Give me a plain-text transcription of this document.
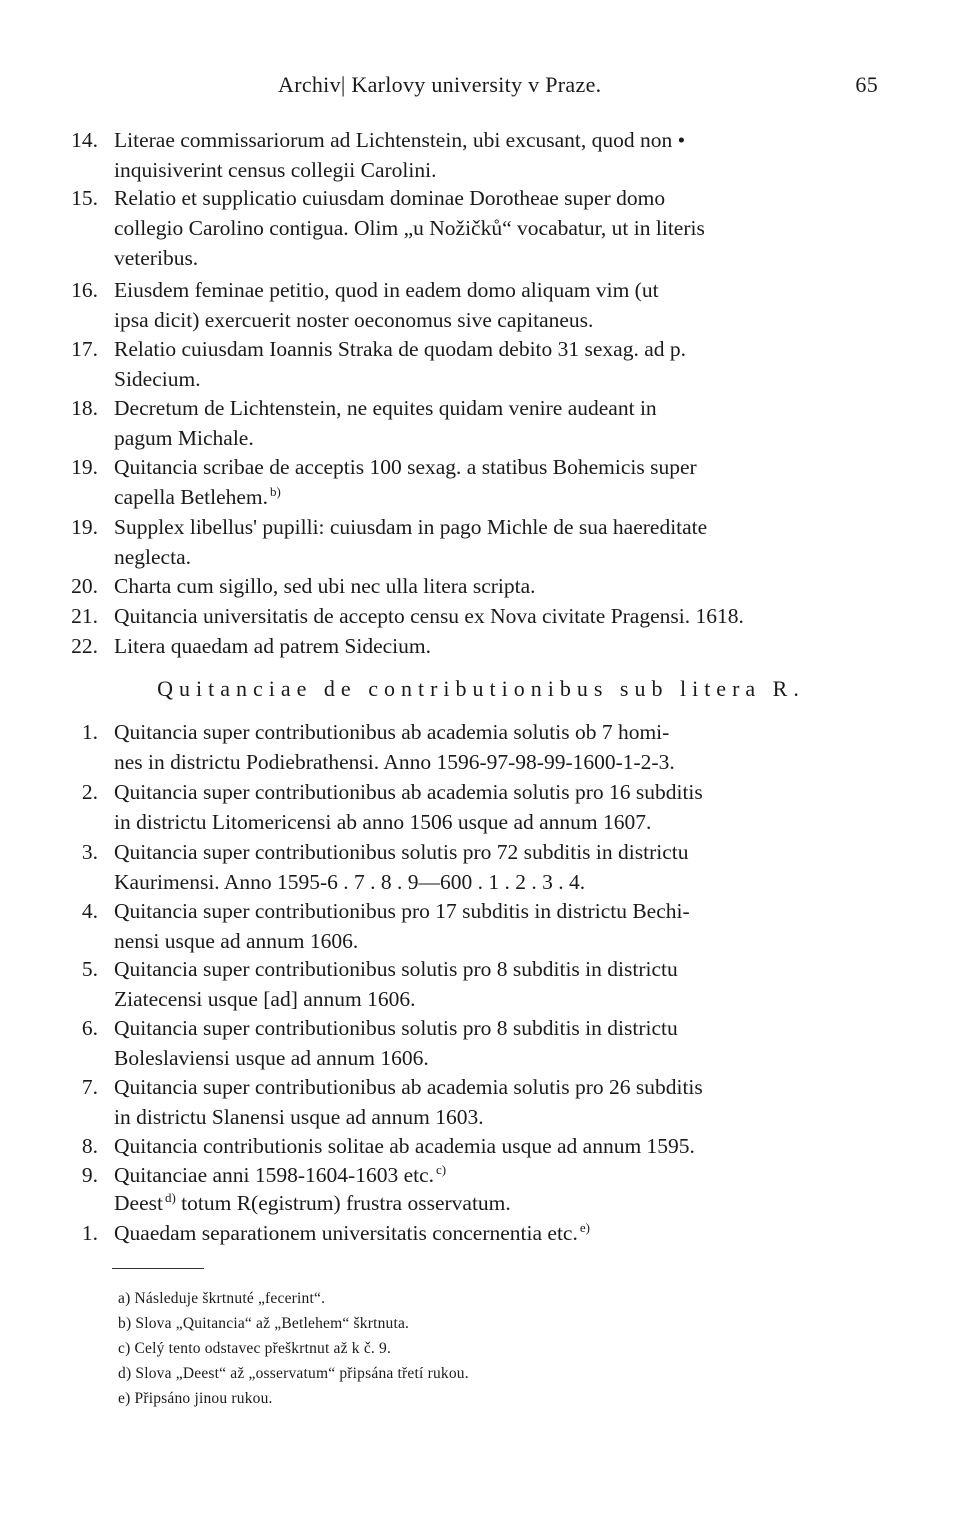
Archiv| Karlovy university v Praze.	65
14. Literae commissariorum ad Lichtenstein, ubi excusant, quod non •
inquisiverint census collegii Carolini.
15. Relatio et supplicatio cuiusdam dominae Dorotheae super domo
collegio Carolino contigua. Olim „u Nožičků“ vocabatur, ut in literis
veteribus.
16. Eiusdem feminae petitio, quod in eadem domo aliquam vim (ut
ipsa dicit) exercuerit noster oeconomus sive capitaneus.
17. Relatio cuiusdam Ioannis Straka de quodam debito 31 sexag. ad p.
Sidecium.
18. Decretum de Lichtenstein, ne equites quidam venire audeant in
pagum Michale.
19. Quitancia scribae de acceptis 100 sexag. a statibus Bohemicis super
capella Betlehem. $^{b)}$
19. Supplex libellus' pupilli: cuiusdam in pago Michle de sua haereditate
neglecta.
20. Charta cum sigillo, sed ubi nec ulla litera scripta.
21. Quitancia universitatis de accepto censu ex Nova civitate Pragensi. 1618.
22. Litera quaedam ad patrem Sidecium.
Quitanciae de contributionibus sub litera R.
1. Quitancia super contributionibus ab academia solutis ob 7 homi-
nes in districtu Podiebrathensi. Anno 1596-97-98-99-1600-1-2-3.
2. Quitancia super contributionibus ab academia solutis pro 16 subditis
in districtu Litomericensi ab anno 1506 usque ad annum 1607.
3. Quitancia super contributionibus solutis pro 72 subditis in districtu
Kaurimensi. Anno 1595-6 . 7 . 8 . 9—600 . 1 . 2 . 3 . 4.
4. Quitancia super contributionibus pro 17 subditis in districtu Bechi-
nensi usque ad annum 1606.
5. Quitancia super contributionibus solutis pro 8 subditis in districtu
Ziatecensi usque [ad] annum 1606.
6. Quitancia super contributionibus solutis pro 8 subditis in districtu
Boleslaviensi usque ad annum 1606.
7. Quitancia super contributionibus ab academia solutis pro 26 subditis
in districtu Slanensi usque ad annum 1603.
8. Quitancia contributionis solitae ab academia usque ad annum 1595.
9. Quitanciae anni 1598-1604-1603 etc. $^{c)}$
Deest $^{d)}$ totum R(egistrum) frustra osservatum.
1. Quaedam separationem universitatis concernentia etc. $^{e)}$
a) Následuje škrtnuté „fecerint“.
b) Slova „Quitancia“ až „Betlehem“ škrtnuta.
c) Celý tento odstavec přeškrtnut až k č. 9.
d) Slova „Deest“ až „osservatum“ připsána třetí rukou.
e) Připsáno jinou rukou.
